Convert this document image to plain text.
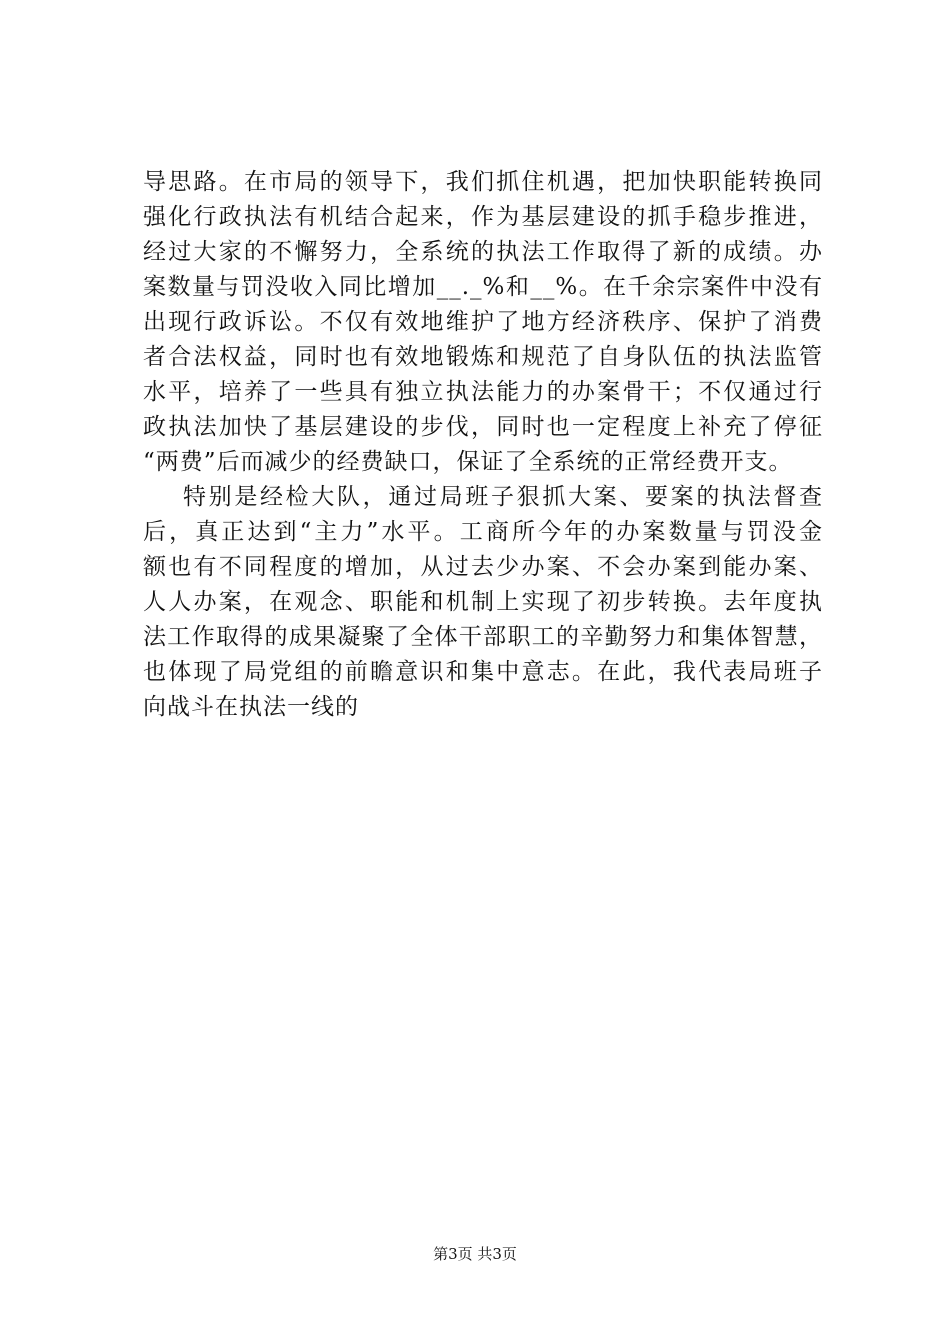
导思路。在市局的领导下，我们抓住机遇，把加快职能转换同
强化行政执法有机结合起来，作为基层建设的抓手稳步推进，
经过大家的不懈努力，全系统的执法工作取得了新的成绩。办
案数量与罚没收入同比增加__._%和__%。在千余宗案件中没有
出现行政诉讼。不仅有效地维护了地方经济秩序、保护了消费
者合法权益，同时也有效地锻炼和规范了自身队伍的执法监管
水平，培养了一些具有独立执法能力的办案骨干；不仅通过行
政执法加快了基层建设的步伐，同时也一定程度上补充了停征
“两费”后而减少的经费缺口，保证了全系统的正常经费开支。
特别是经检大队，通过局班子狠抓大案、要案的执法督查
后，真正达到“主力”水平。工商所今年的办案数量与罚没金
额也有不同程度的增加，从过去少办案、不会办案到能办案、
人人办案，在观念、职能和机制上实现了初步转换。去年度执
法工作取得的成果凝聚了全体干部职工的辛勤努力和集体智慧，
也体现了局党组的前瞻意识和集中意志。在此，我代表局班子
向战斗在执法一线的
第3页 共3页
